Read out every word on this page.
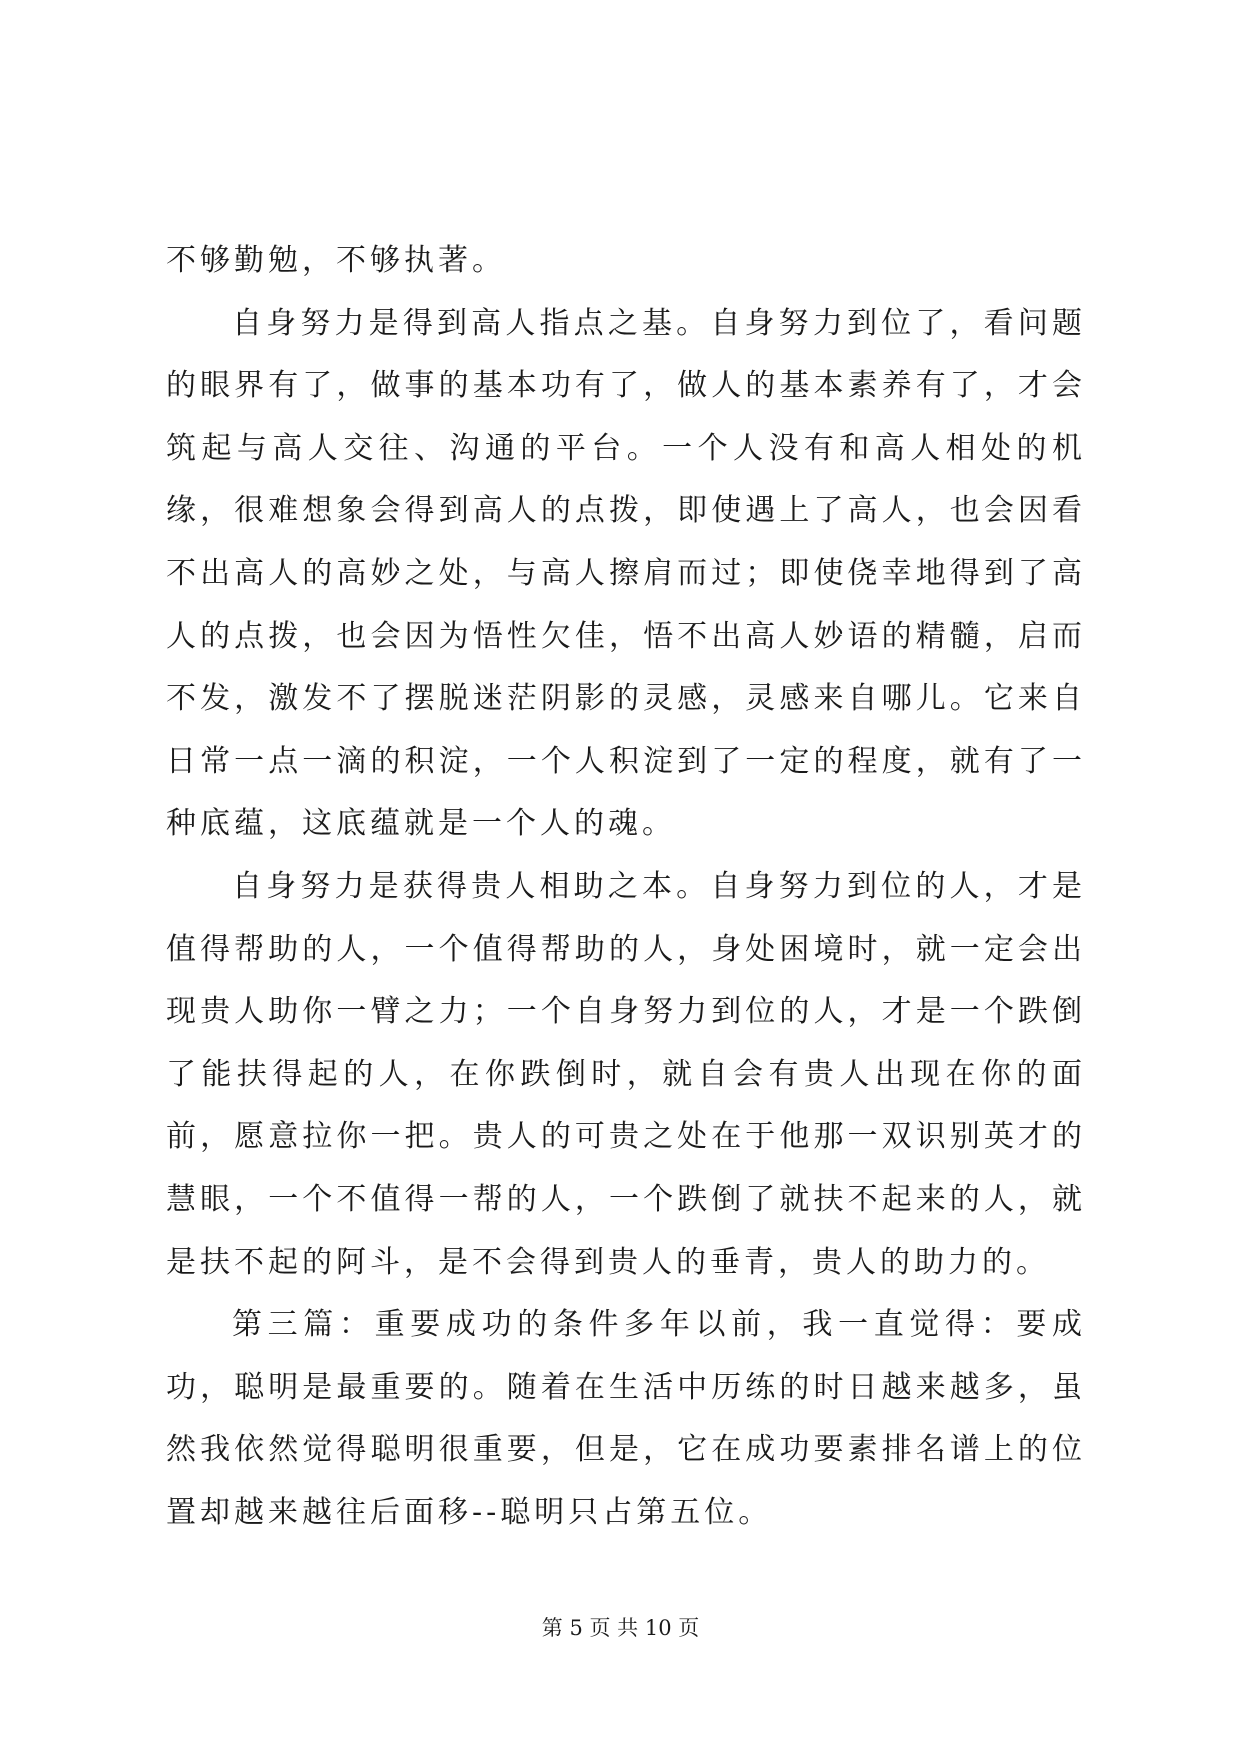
不够勤勉，不够执著。

自身努力是得到高人指点之基。自身努力到位了，看问题的眼界有了，做事的基本功有了，做人的基本素养有了，才会筑起与高人交往、沟通的平台。一个人没有和高人相处的机缘，很难想象会得到高人的点拨，即使遇上了高人，也会因看不出高人的高妙之处，与高人擦肩而过；即使侥幸地得到了高人的点拨，也会因为悟性欠佳，悟不出高人妙语的精髓，启而不发，激发不了摆脱迷茫阴影的灵感，灵感来自哪儿。它来自日常一点一滴的积淀，一个人积淀到了一定的程度，就有了一种底蕴，这底蕴就是一个人的魂。

自身努力是获得贵人相助之本。自身努力到位的人，才是值得帮助的人，一个值得帮助的人，身处困境时，就一定会出现贵人助你一臂之力；一个自身努力到位的人，才是一个跌倒了能扶得起的人，在你跌倒时，就自会有贵人出现在你的面前，愿意拉你一把。贵人的可贵之处在于他那一双识别英才的慧眼，一个不值得一帮的人，一个跌倒了就扶不起来的人，就是扶不起的阿斗，是不会得到贵人的垂青，贵人的助力的。

第三篇：重要成功的条件多年以前，我一直觉得：要成功，聪明是最重要的。随着在生活中历练的时日越来越多，虽然我依然觉得聪明很重要，但是，它在成功要素排名谱上的位置却越来越往后面移--聪明只占第五位。

第 5 页 共 10 页
